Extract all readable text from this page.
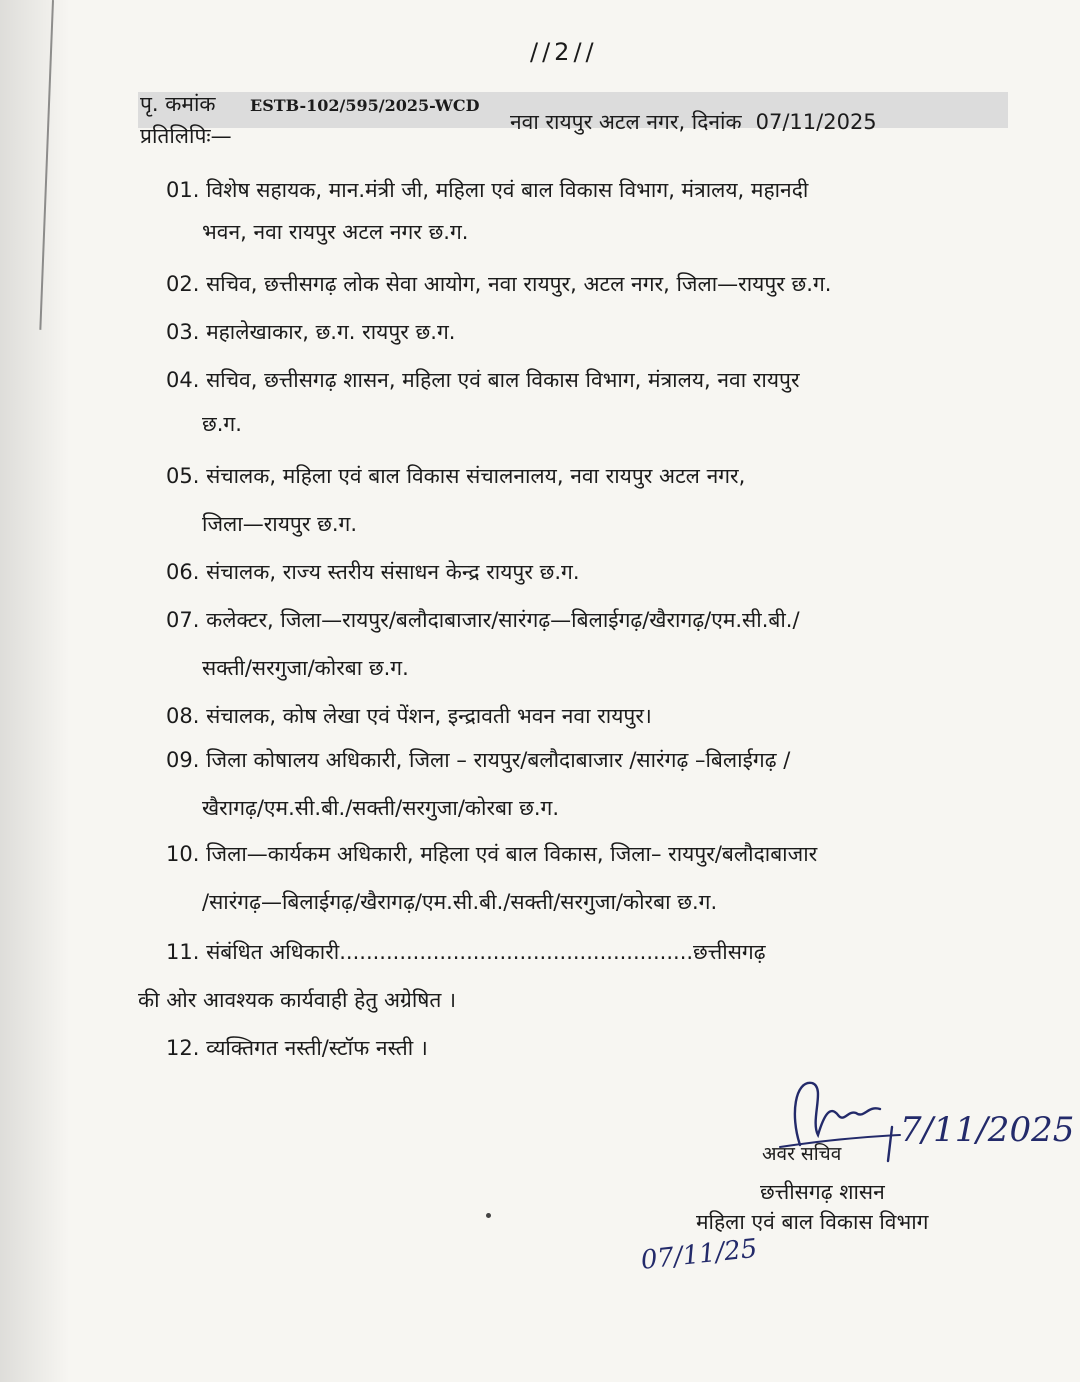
//2//
पृ. कमांक ESTB-102/595/2025-WCD
नवा रायपुर अटल नगर, दिनांक 07/11/2025
प्रतिलिपिः—
01. विशेष सहायक, मान.मंत्री जी, महिला एवं बाल विकास विभाग, मंत्रालय, महानदी
भवन, नवा रायपुर अटल नगर छ.ग.
02. सचिव, छत्तीसगढ़ लोक सेवा आयोग, नवा रायपुर, अटल नगर, जिला—रायपुर छ.ग.
03. महालेखाकार, छ.ग. रायपुर छ.ग.
04. सचिव, छत्तीसगढ़ शासन, महिला एवं बाल विकास विभाग, मंत्रालय, नवा रायपुर
छ.ग.
05. संचालक, महिला एवं बाल विकास संचालनालय, नवा रायपुर अटल नगर,
जिला—रायपुर छ.ग.
06. संचालक, राज्य स्तरीय संसाधन केन्द्र रायपुर छ.ग.
07. कलेक्टर, जिला—रायपुर/बलौदाबाजार/सारंगढ़—बिलाईगढ़/खैरागढ़/एम.सी.बी./
सक्ती/सरगुजा/कोरबा छ.ग.
08. संचालक, कोष लेखा एवं पेंशन, इन्द्रावती भवन नवा रायपुर।
09. जिला कोषालय अधिकारी, जिला – रायपुर/बलौदाबाजार /सारंगढ़ –बिलाईगढ़ /
खैरागढ़/एम.सी.बी./सक्ती/सरगुजा/कोरबा छ.ग.
10. जिला—कार्यकम अधिकारी, महिला एवं बाल विकास, जिला– रायपुर/बलौदाबाजार
/सारंगढ़—बिलाईगढ़/खैरागढ़/एम.सी.बी./सक्ती/सरगुजा/कोरबा छ.ग.
11. संबंधित अधिकारी.....................................................छत्तीसगढ़
की ओर आवश्यक कार्यवाही हेतु अग्रेषित ।
12. व्यक्तिगत नस्ती/स्टॉफ नस्ती ।
7/11/2025
अवर सचिव
छत्तीसगढ़ शासन
महिला एवं बाल विकास विभाग
07/11/25
